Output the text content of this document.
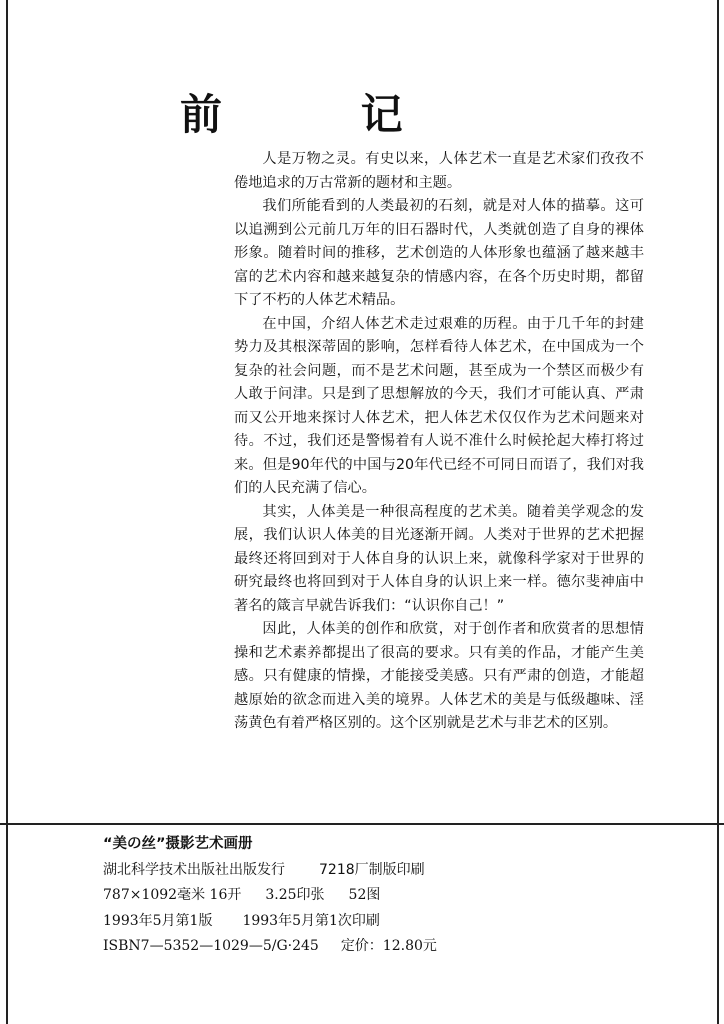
前 记

人是万物之灵。有史以来，人体艺术一直是艺术家们孜孜不倦地追求的万古常新的题材和主题。

我们所能看到的人类最初的石刻，就是对人体的描摹。这可以追溯到公元前几万年的旧石器时代，人类就创造了自身的裸体形象。随着时间的推移，艺术创造的人体形象也蕴涵了越来越丰富的艺术内容和越来越复杂的情感内容，在各个历史时期，都留下了不朽的人体艺术精品。

在中国，介绍人体艺术走过艰难的历程。由于几千年的封建势力及其根深蒂固的影响，怎样看待人体艺术，在中国成为一个复杂的社会问题，而不是艺术问题，甚至成为一个禁区而极少有人敢于问津。只是到了思想解放的今天，我们才可能认真、严肃而又公开地来探讨人体艺术，把人体艺术仅仅作为艺术问题来对待。不过，我们还是警惕着有人说不准什么时候抡起大棒打将过来。但是90年代的中国与20年代已经不可同日而语了，我们对我们的人民充满了信心。

其实，人体美是一种很高程度的艺术美。随着美学观念的发展，我们认识人体美的目光逐渐开阔。人类对于世界的艺术把握最终还将回到对于人体自身的认识上来，就像科学家对于世界的研究最终也将回到对于人体自身的认识上来一样。德尔斐神庙中著名的箴言早就告诉我们：“认识你自己！”

因此，人体美的创作和欣赏，对于创作者和欣赏者的思想情操和艺术素养都提出了很高的要求。只有美的作品，才能产生美感。只有健康的情操，才能接受美感。只有严肃的创造，才能超越原始的欲念而进入美的境界。人体艺术的美是与低级趣味、淫荡黄色有着严格区别的。这个区别就是艺术与非艺术的区别。

“美の丝”摄影艺术画册
湖北科学技术出版社出版发行 7218厂制版印刷
787×1092毫米 16开 3.25印张 52图
1993年5月第1版 1993年5月第1次印刷
ISBN7—5352—1029—5/G·245 定价：12.80元
